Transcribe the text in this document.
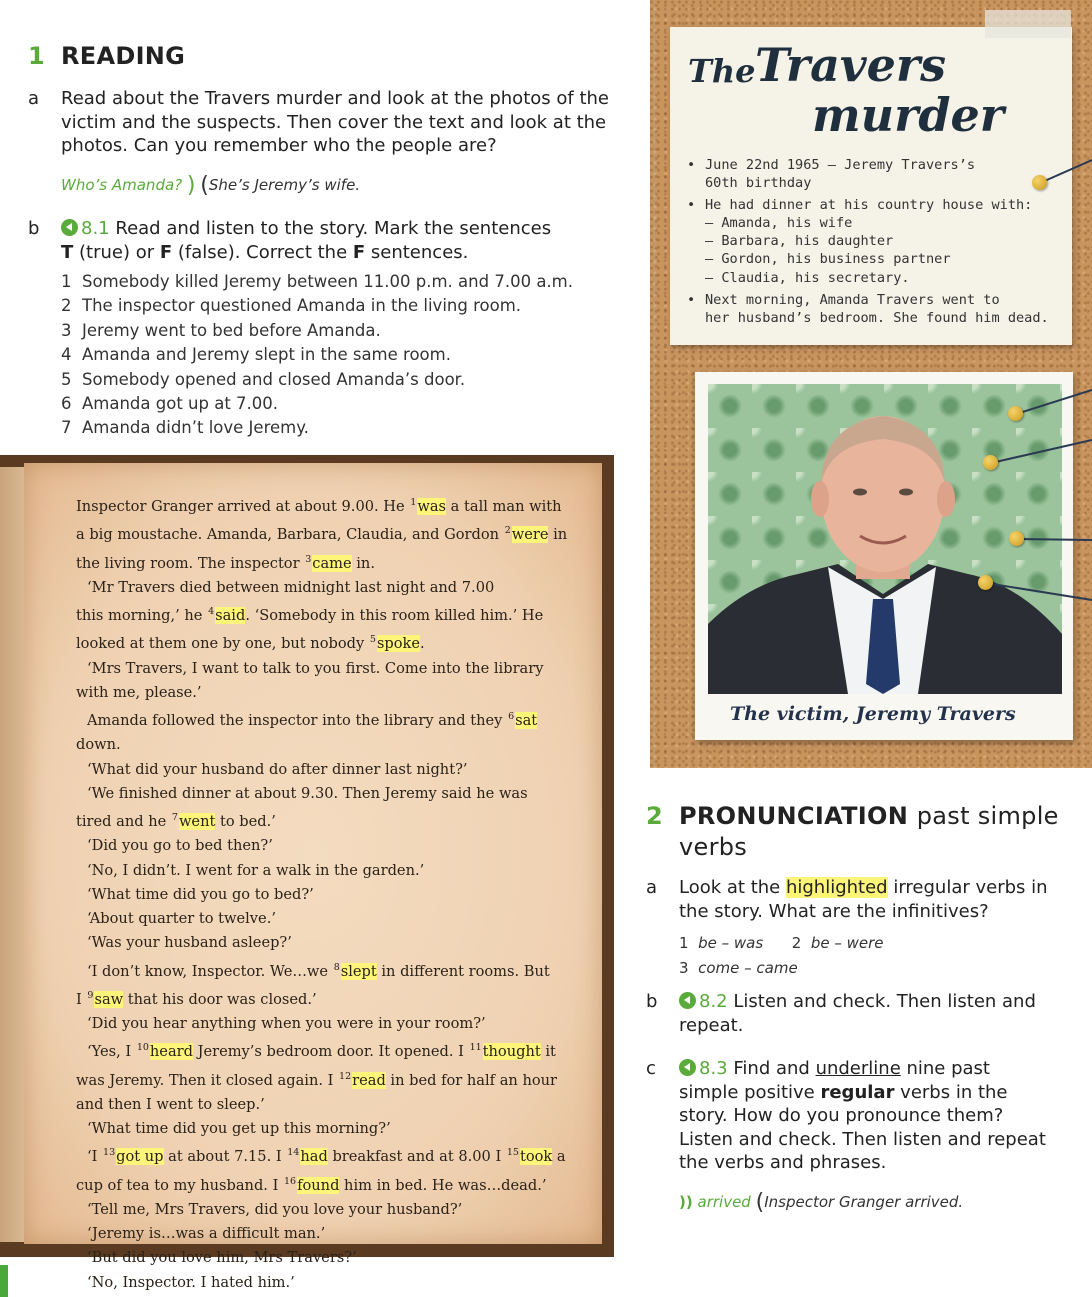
1 READING
a Read about the Travers murder and look at the photos of the
victim and the suspects. Then cover the text and look at the
photos. Can you remember who the people are?
Who’s Amanda? ) (She’s Jeremy’s wife.
b	8.1 Read and listen to the story. Mark the sentences
T (true) or F (false). Correct the F sentences.
1 Somebody killed Jeremy between 11.00 p.m. and 7.00 a.m.
2 The inspector questioned Amanda in the living room.
3 Jeremy went to bed before Amanda.
4 Amanda and Jeremy slept in the same room.
5 Somebody opened and closed Amanda’s door.
6 Amanda got up at 7.00.
7 Amanda didn’t love Jeremy.

Inspector Granger arrived at about 9.00. He $^1$was a tall man with

a big moustache. Amanda, Barbara, Claudia, and Gordon $^2$were in

the living room. The inspector $^3$came in.

‘Mr Travers died between midnight last night and 7.00

this morning,’ he $^4$said. ‘Somebody in this room killed him.’ He

looked at them one by one, but nobody $^5$spoke.

‘Mrs Travers, I want to talk to you first. Come into the library

with me, please.’

Amanda followed the inspector into the library and they $^6$sat down.

‘What did your husband do after dinner last night?’

‘We finished dinner at about 9.30. Then Jeremy said he was

tired and he $^7$went to bed.’

‘Did you go to bed then?’

‘No, I didn’t. I went for a walk in the garden.’

‘What time did you go to bed?’

‘About quarter to twelve.’

‘Was your husband asleep?’

‘I don’t know, Inspector. We…we $^8$slept in different rooms. But

I $^9$saw that his door was closed.’

‘Did you hear anything when you were in your room?’

‘Yes, I $^{10}$heard Jeremy’s bedroom door. It opened. I $^{11}$thought it

was Jeremy. Then it closed again. I $^{12}$read in bed for half an hour

and then I went to sleep.’

‘What time did you get up this morning?’

‘I $^{13}$got up at about 7.15. I $^{14}$had breakfast and at 8.00 I $^{15}$took a

cup of tea to my husband. I $^{16}$found him in bed. He was…dead.’

‘Tell me, Mrs Travers, did you love your husband?’

‘Jeremy is…was a difficult man.’

‘But did you love him, Mrs Travers?’

‘No, Inspector. I hated him.’

The Travers
murder
• June 22nd 1965 – Jeremy Travers’s
60th birthday
• He had dinner at his country house with:
– Amanda, his wife
– Barbara, his daughter
– Gordon, his business partner
– Claudia, his secretary.
• Next morning, Amanda Travers went to
her husband’s bedroom. She found him dead.
The victim, Jeremy Travers
2 PRONUNCIATION past simple
verbs
a Look at the highlighted irregular verbs in
the story. What are the infinitives?
1 be – was 2 be – were
3 come – came
b	8.2 Listen and check. Then listen and
repeat.
c	8.3 Find and underline nine past
simple positive regular verbs in the
story. How do you pronounce them?
Listen and check. Then listen and repeat
the verbs and phrases.
)) arrived (Inspector Granger arrived.
